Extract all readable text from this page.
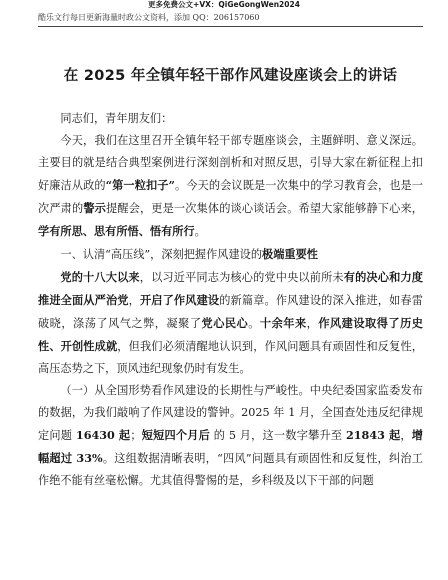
更多免费公文+VX：QiGeGongWen2024
酷乐文行每日更新海量时政公文资料，添加 QQ：206157060
在 2025 年全镇年轻干部作风建设座谈会上的讲话

同志们，青年朋友们：

今天，我们在这里召开全镇年轻干部专题座谈会，主题鲜明、意义深远。主要目的就是结合典型案例进行深刻剖析和对照反思，引导大家在新征程上扣好廉洁从政的“第一粒扣子”。今天的会议既是一次集中的学习教育会，也是一次严肃的警示提醒会，更是一次集体的谈心谈话会。希望大家能够静下心来，学有所思、思有所悟、悟有所行。

一、认清“高压线”，深刻把握作风建设的极端重要性

党的十八大以来，以习近平同志为核心的党中央以前所未有的决心和力度推进全面从严治党，开启了作风建设的新篇章。作风建设的深入推进，如春雷破晓，涤荡了风气之弊，凝聚了党心民心。十余年来，作风建设取得了历史性、开创性成就，但我们必须清醒地认识到，作风问题具有顽固性和反复性，高压态势之下，顶风违纪现象仍时有发生。

（一）从全国形势看作风建设的长期性与严峻性。中央纪委国家监委发布的数据，为我们敲响了作风建设的警钟。2025 年 1 月，全国查处违反纪律规定问题 16430 起；短短四个月后 的 5 月，这一数字攀升至 21843 起，增幅超过 33%。这组数据清晰表明，“四风”问题具有顽固性和反复性，纠治工作绝不能有丝毫松懈。尤其值得警惕的是，乡科级及以下干部的问题
